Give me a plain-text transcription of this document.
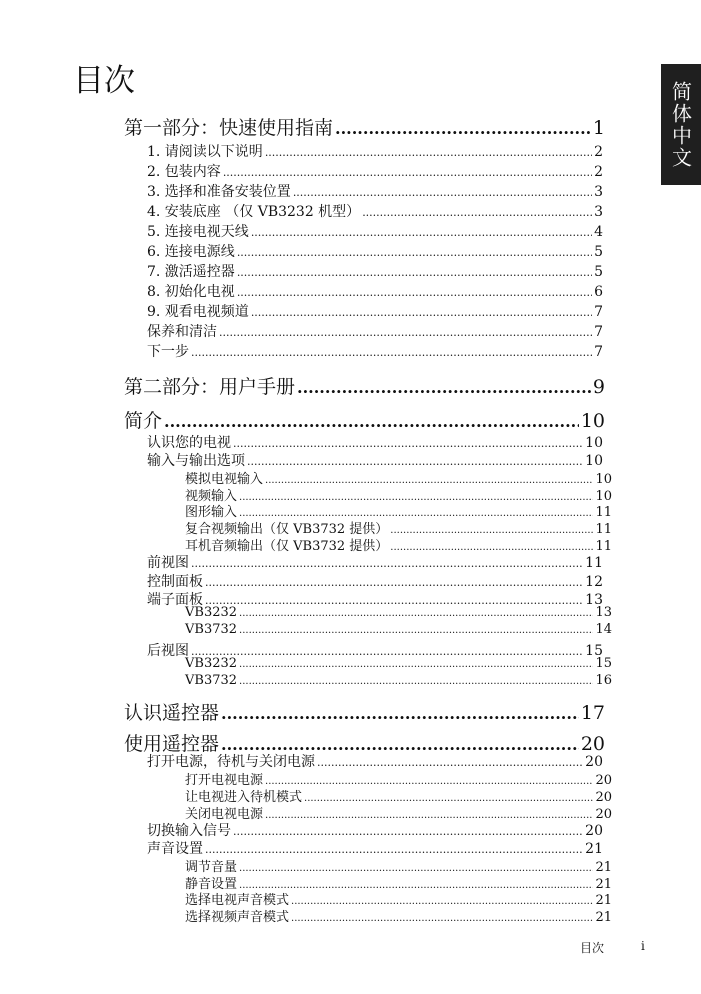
目次	简体中文
第一部分：快速使用指南 .....	1
1. 请阅读以下说明 .....	2
2. 包装内容 .....	2
3. 选择和准备安装位置 .....	3
4. 安装底座 （仅 VB3232 机型） .....	3
5. 连接电视天线 .....	4
6. 连接电源线 .....	5
7. 激活遥控器 .....	5
8. 初始化电视 .....	6
9. 观看电视频道 .....	7
保养和清洁 .....	7
下一步 .....	7
第二部分：用户手册 .....	9
简介 .....	10
认识您的电视 .....	10
输入与输出选项 .....	10
模拟电视输入 .....	10
视频输入 .....	10
图形输入 .....	11
复合视频输出（仅 VB3732 提供） .....	11
耳机音频输出（仅 VB3732 提供） .....	11
前视图 .....	11
控制面板 .....	12
端子面板 .....	13
VB3232 .....	13
VB3732 .....	14
后视图 .....	15
VB3232 .....	15
VB3732 .....	16
认识遥控器 .....	17
使用遥控器 .....	20
打开电源，待机与关闭电源 .....	20
打开电视电源 .....	20
让电视进入待机模式 .....	20
关闭电视电源 .....	20
切换输入信号 .....	20
声音设置 .....	21
调节音量 .....	21
静音设置 .....	21
选择电视声音模式 .....	21
选择视频声音模式 .....	21
目次	i
